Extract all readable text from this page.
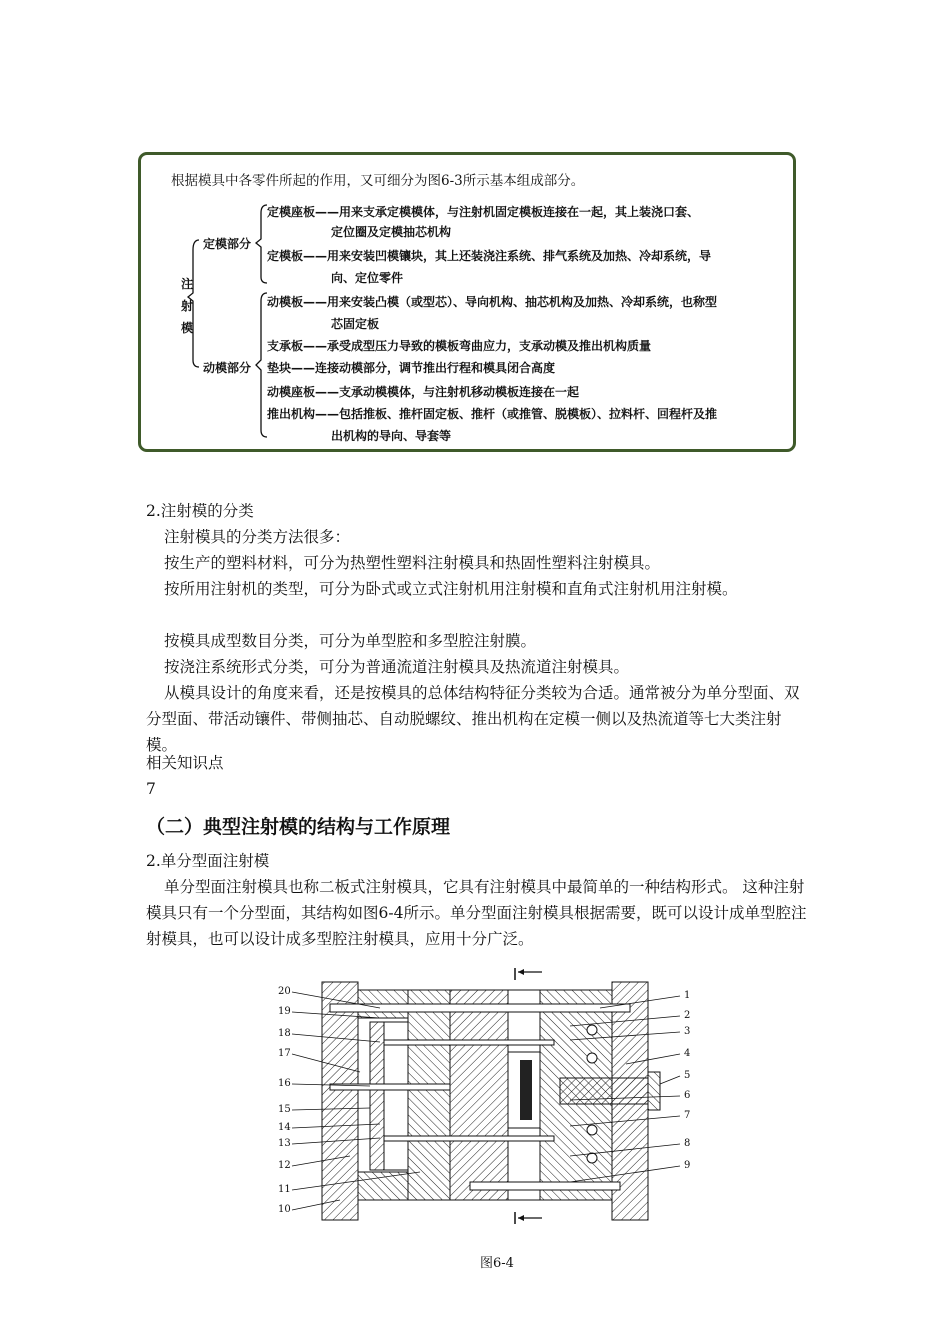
根据模具中各零件所起的作用，又可细分为图6-3所示基本组成部分。
注
射
模
定模部分
动模部分
定模座板——用来支承定模模体，与注射机固定模板连接在一起，其上装浇口套、
定位圈及定模抽芯机构
定模板——用来安装凹模镶块，其上还装浇注系统、排气系统及加热、冷却系统，导
向、定位零件
动模板——用来安装凸模（或型芯）、导向机构、抽芯机构及加热、冷却系统，也称型
芯固定板
支承板——承受成型压力导致的模板弯曲应力，支承动模及推出机构质量
垫块——连接动模部分，调节推出行程和模具闭合高度
动模座板——支承动模模体，与注射机移动模板连接在一起
推出机构——包括推板、推杆固定板、推杆（或推管、脱模板）、拉料杆、回程杆及推
出机构的导向、导套等
2.注射模的分类
注射模具的分类方法很多：
按生产的塑料材料，可分为热塑性塑料注射模具和热固性塑料注射模具。
按所用注射机的类型，可分为卧式或立式注射机用注射模和直角式注射机用注射模。
按模具成型数目分类，可分为单型腔和多型腔注射膜。
按浇注系统形式分类，可分为普通流道注射模具及热流道注射模具。
从模具设计的角度来看，还是按模具的总体结构特征分类较为合适。通常被分为单分型面、双分型面、带活动镶件、带侧抽芯、自动脱螺纹、推出机构在定模一侧以及热流道等七大类注射模。
相关知识点
7
（二）典型注射模的结构与工作原理
2.单分型面注射模
单分型面注射模具也称二板式注射模具，它具有注射模具中最简单的一种结构形式。 这种注射模具只有一个分型面，其结构如图6-4所示。单分型面注射模具根据需要，既可以设计成单型腔注射模具，也可以设计成多型腔注射模具，应用十分广泛。
20
19
18
17
16
15
14
13
12
11
10
1
2
3
4
5
6
7
8
9
图6-4
